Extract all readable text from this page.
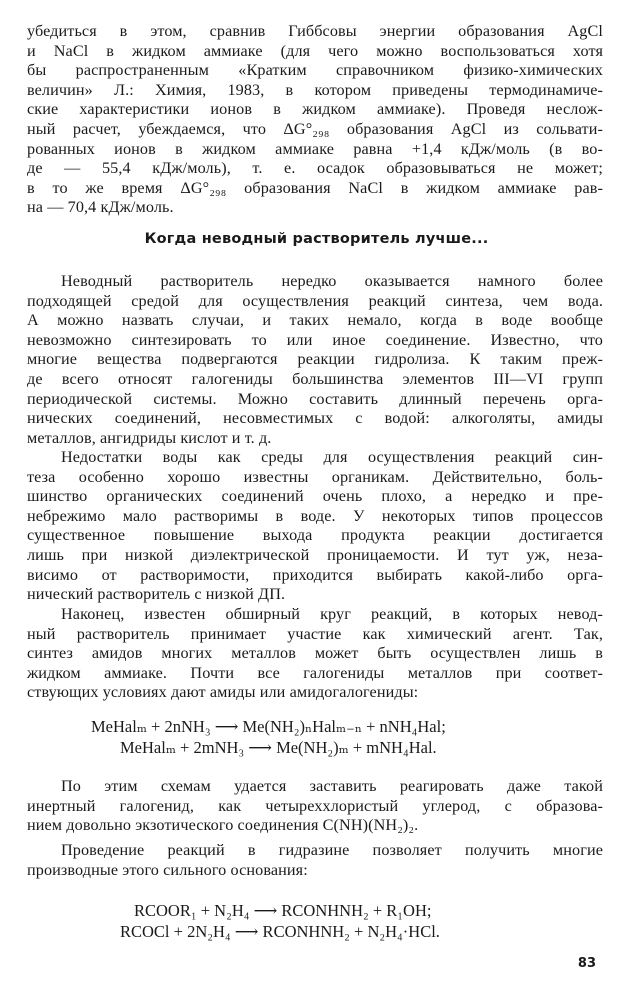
убедиться в этом, сравнив Гиббсовы энергии образования AgCl
и NaCl в жидком аммиаке (для чего можно воспользоваться хотя
бы распространенным «Кратким справочником физико-химических
величин» Л.: Химия, 1983, в котором приведены термодинамиче-
ские характеристики ионов в жидком аммиаке). Проведя неслож-
ный расчет, убеждаемся, что ΔG°₂₉₈ образования AgCl из сольвати-
рованных ионов в жидком аммиаке равна +1,4 кДж/моль (в во-
де — 55,4 кДж/моль), т. е. осадок образовываться не может;
в то же время ΔG°₂₉₈ образования NaCl в жидком аммиаке рав-
на — 70,4 кДж/моль.
Когда неводный растворитель лучше...
Неводный растворитель нередко оказывается намного более
подходящей средой для осуществления реакций синтеза, чем вода.
А можно назвать случаи, и таких немало, когда в воде вообще
невозможно синтезировать то или иное соединение. Известно, что
многие вещества подвергаются реакции гидролиза. К таким преж-
де всего относят галогениды большинства элементов III—VI групп
периодической системы. Можно составить длинный перечень орга-
нических соединений, несовместимых с водой: алкоголяты, амиды
металлов, ангидриды кислот и т. д.
Недостатки воды как среды для осуществления реакций син-
теза особенно хорошо известны органикам. Действительно, боль-
шинство органических соединений очень плохо, а нередко и пре-
небрежимо мало растворимы в воде. У некоторых типов процессов
существенное повышение выхода продукта реакции достигается
лишь при низкой диэлектрической проницаемости. И тут уж, неза-
висимо от растворимости, приходится выбирать какой-либо орга-
нический растворитель с низкой ДП.
Наконец, известен обширный круг реакций, в которых невод-
ный растворитель принимает участие как химический агент. Так,
синтез амидов многих металлов может быть осуществлен лишь в
жидком аммиаке. Почти все галогениды металлов при соответ-
ствующих условиях дают амиды или амидогалогениды:
MeHalₘ + 2nNH₃ ⟶ Me(NH₂)ₙHalₘ₋ₙ + nNH₄Hal;
MeHalₘ + 2mNH₃ ⟶ Me(NH₂)ₘ + mNH₄Hal.
По этим схемам удается заставить реагировать даже такой
инертный галогенид, как четыреххлористый углерод, с образова-
нием довольно экзотического соединения C(NH)(NH₂)₂.
Проведение реакций в гидразине позволяет получить многие
производные этого сильного основания:
RCOOR₁ + N₂H₄ ⟶ RCONHNH₂ + R₁OH;
RCOCl + 2N₂H₄ ⟶ RCONHNH₂ + N₂H₄·HCl.
83
